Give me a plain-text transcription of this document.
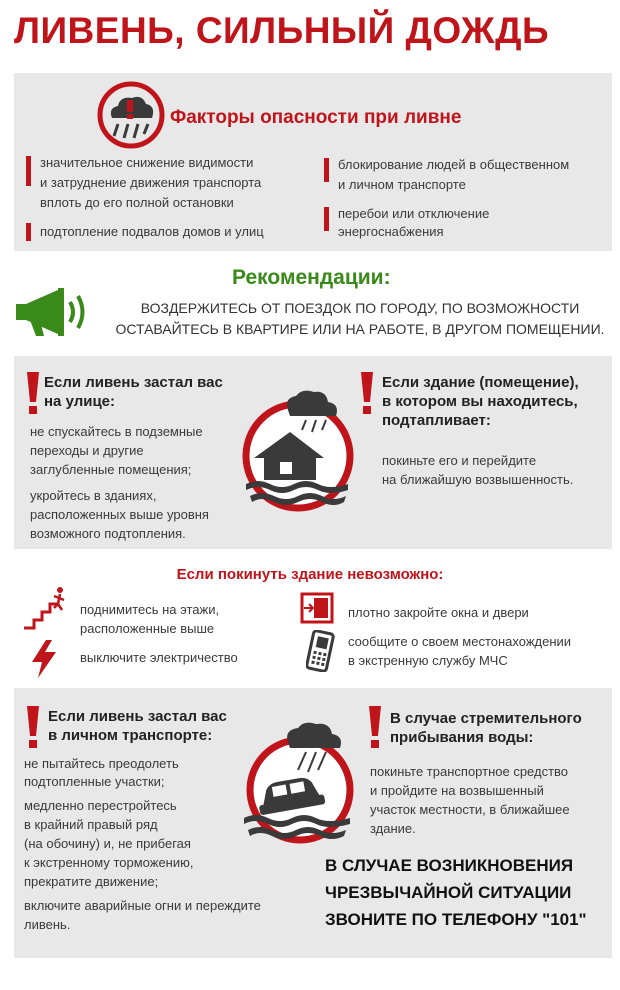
ЛИВЕНЬ, СИЛЬНЫЙ ДОЖДЬ
Факторы опасности при ливне
значительное снижение видимости
и затруднение движения транспорта
вплоть до его полной остановки
подтопление подвалов домов и улиц
блокирование людей в общественном
и личном транспорте
перебои или отключение
энергоснабжения
Рекомендации:
ВОЗДЕРЖИТЕСЬ ОТ ПОЕЗДОК ПО ГОРОДУ, ПО ВОЗМОЖНОСТИ
ОСТАВАЙТЕСЬ В КВАРТИРЕ ИЛИ НА РАБОТЕ, В ДРУГОМ ПОМЕЩЕНИИ.
Если ливень застал вас
на улице:
не спускайтесь в подземные
переходы и другие
заглубленные помещения;
укройтесь в зданиях,
расположенных выше уровня
возможного подтопления.
Если здание (помещение),
в котором вы находитесь,
подтапливает:
покиньте его и перейдите
на ближайшую возвышенность.
Если покинуть здание невозможно:
поднимитесь на этажи,
расположенные выше
выключите электричество
плотно закройте окна и двери
сообщите о своем местонахождении
в экстренную службу МЧС
Если ливень застал вас
в личном транспорте:
не пытайтесь преодолеть
подтопленные участки;
медленно перестройтесь
в крайний правый ряд
(на обочину) и, не прибегая
к экстренному торможению,
прекратите движение;
включите аварийные огни и переждите
ливень.
В случае стремительного
прибывания воды:
покиньте транспортное средство
и пройдите на возвышенный
участок местности, в ближайшее
здание.
В СЛУЧАЕ ВОЗНИКНОВЕНИЯ
ЧРЕЗВЫЧАЙНОЙ СИТУАЦИИ
ЗВОНИТЕ ПО ТЕЛЕФОНУ "101"
